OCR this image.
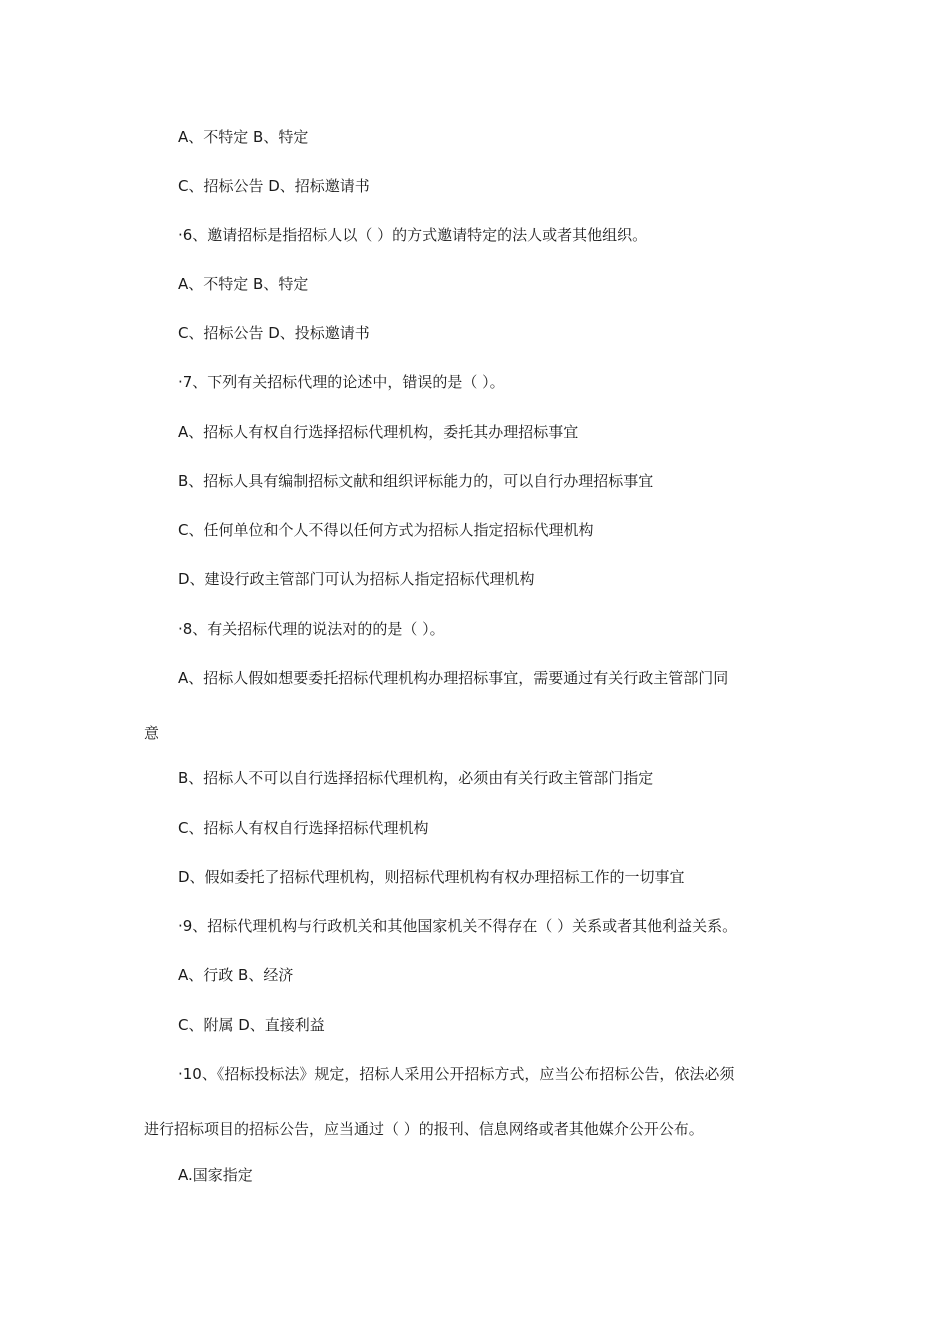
A、不特定 B、特定
C、招标公告 D、招标邀请书
·6、邀请招标是指招标人以（ ）的方式邀请特定的法人或者其他组织。
A、不特定 B、特定
C、招标公告 D、投标邀请书
·7、下列有关招标代理的论述中，错误的是（ ）。
A、招标人有权自行选择招标代理机构，委托其办理招标事宜
B、招标人具有编制招标文献和组织评标能力的，可以自行办理招标事宜
C、任何单位和个人不得以任何方式为招标人指定招标代理机构
D、建设行政主管部门可认为招标人指定招标代理机构
·8、有关招标代理的说法对的的是（ ）。
A、招标人假如想要委托招标代理机构办理招标事宜，需要通过有关行政主管部门同
意
B、招标人不可以自行选择招标代理机构，必须由有关行政主管部门指定
C、招标人有权自行选择招标代理机构
D、假如委托了招标代理机构，则招标代理机构有权办理招标工作的一切事宜
·9、招标代理机构与行政机关和其他国家机关不得存在（ ）关系或者其他利益关系。
A、行政 B、经济
C、附属 D、直接利益
·10、《招标投标法》规定，招标人采用公开招标方式，应当公布招标公告，依法必须
进行招标项目的招标公告，应当通过（ ）的报刊、信息网络或者其他媒介公开公布。
A.国家指定
